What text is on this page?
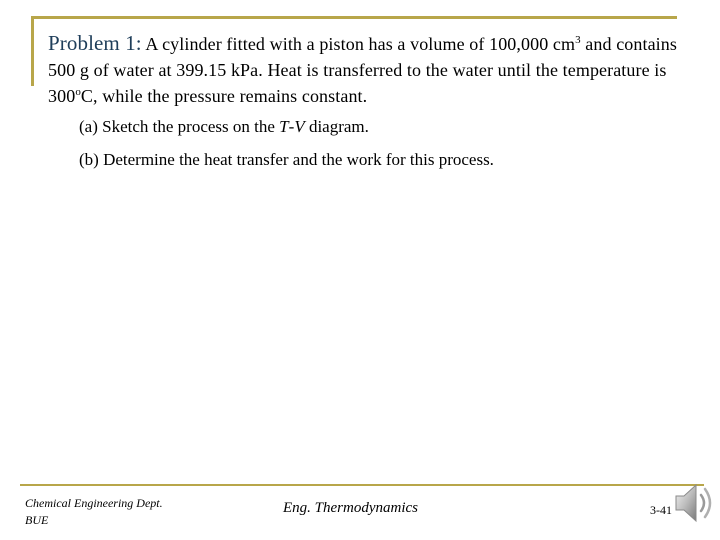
Problem 1: A cylinder fitted with a piston has a volume of 100,000 $cm^3$ and contains 500 g of water at 399.15 kPa. Heat is transferred to the water until the temperature is 300$^o$C, while the pressure remains constant.

(a) Sketch the process on the T-V diagram.
(b) Determine the heat transfer and the work for this process.
Chemical Engineering Dept.
BUE
Eng. Thermodynamics	3-41
